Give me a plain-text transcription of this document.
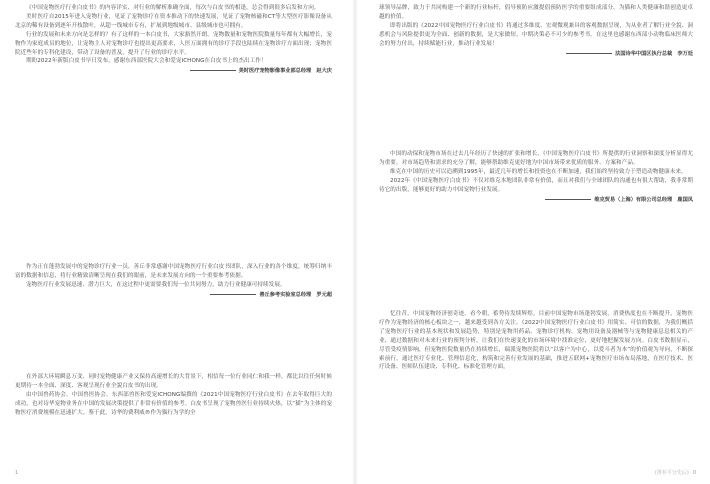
《中国宠物医疗行业白皮书》的内容详实、对行业的解析准确全面，每次与白皮书的相逢，总会得到很多启发和方向。

美时医疗自2015年进入宠物行业，见证了宠物诊疗在资本推动下的快速发展，见证了宠物核磁和CT等大型医疗影像设备从北京的稀有设备到逐年开枝散叶，从超一线城市专有，扩展到地级城市、县级城市也可拥有。

行业的发展和未来方向是怎样的？有了这样的一本白皮书，大家豁然开朗。宠物数量和宠物医院数量每年都有大幅增长，宠物作为家庭成员的地位，让宠物主人对宠物诊疗也提出更高要求，人医万面拥有的诊疗手段也陆续在宠物诊疗方面出现；宠物医院近些年的专科化建设，带动了设备的普及，提升了行业的诊疗水平。

期盼2022年新版白皮书早日发布，感谢东西部医院大会和爱宠ICHONG在白皮书上的杰出工作！

美时医疗宠物影像事业部总经理　赵大庆

作为正在蓬勃发展中的宠物诊疗行业一员，善丘非常感谢中国宠物医疗行业白皮书团队，深入行业的各个维度，统筹归纳丰富的数据和信息，将行业精致清晰呈现在我们的眼前，是未来发展方向的一个重要参考依据。

宠物医疗行业发展迅速、潜力巨大，在这过程中更需要我们每一位共同努力，助力行业健康可持续发展。

善丘参考实验室总经理　罗元超

在外部大环境瞬息万变、同时宠物健康产业又保持高速增长的大背景下，相信每一位行业同仁和我一样，都比以往任何时候更期待一本全面、深度、客观呈现行业全貌白皮书的出现。

由中国兽药协会、中国兽医协会、东西部兽医和爱宠ICHONG编撰的《2021中国宠物医疗行业白皮书》在去年取得巨大的成功，也对诗华宠物业务在中国的发展决策提供了非常有价值的参考。白皮书呈现了宠物兽医行业持续火热，以“猫”为主体的宠物医疗消费规模在迅速扩大。鉴于此，诗华的费利威®作为猫行为学的全

1

球领导品牌，致力于共同构建一个新的行业标杆，倡导预防应激提倡预防医学的重要组成部分，为猫和人类健康和谐创造更卓越的价值。

即将出版的《2022中国宠物医疗行业白皮书》将通过多维度、宏观微观兼具的客观数据呈现，为从业者了解行业全貌、洞悉机会与风险提供更为全面、创新的数据，是大家做短、中期决策必不可少的参考书。在这里也感谢东西部小动物临床医师大会的努力付出，持续赋能行业，推动行业发展！

法国诗华中国区执行总裁　李万廷

中国的动保和宠物市场在过去几年经历了快速的扩张和增长，《中国宠物医疗白皮书》所提供的行业洞察和深度分析显得尤为重要。对市场趋势和需求的充分了解，能够帮助维克更好地为中国市场带来优质的服务、方案和产品。

维克在中国的历史可以追溯到1995年，最近几年的增长和投资也在不断加速，我们始终坚持致力于塑造动物健康未来。

2022年《中国宠物医疗白皮书》不仅对维克本地团队非常有价值，而且对我们与全球团队的沟通也有很大帮助，我非常期待它的出版，能够更好的助力中国宠物行业发展。

维克贸易（上海）有限公司总经理　鹿国凤

忆往昔，中国宠物经济创奇迹。看今朝，蓄势待发续辉煌。目前中国宠物市场蓬勃发展，消费热度也在不断提升，宠物医疗作为宠物经济的核心板块之一，越来越受到各方关注。《2022中国宠物医疗行业白皮书》用简实、可信的数据，为我们概括了宠物医疗行业的基本现状和发展趋势，特别是宠物用药品、宠物诊疗机构、宠物用设备及器械等与宠物健康息息相关的产业，通过数据和对未来行业的预判分析，让我们在快速变化的市场环境中找准定位，更好地把握发展方向。白皮书数据显示，尽管受疫情影响，但宠物医院数量仍在持续增长，瑞派宠物医院将以“以客户为中心，以爱斗者为本”的价值观为导向，不断探索前行，通过医疗专业化、管理信息化，构筑和完善行业发展的基础，推进五联网+宠物医疗市场布局落地，在医疗技术、医疗设备、医师队伍建设、专科化、标准化管理方面，

(推荐平分先后) 0
